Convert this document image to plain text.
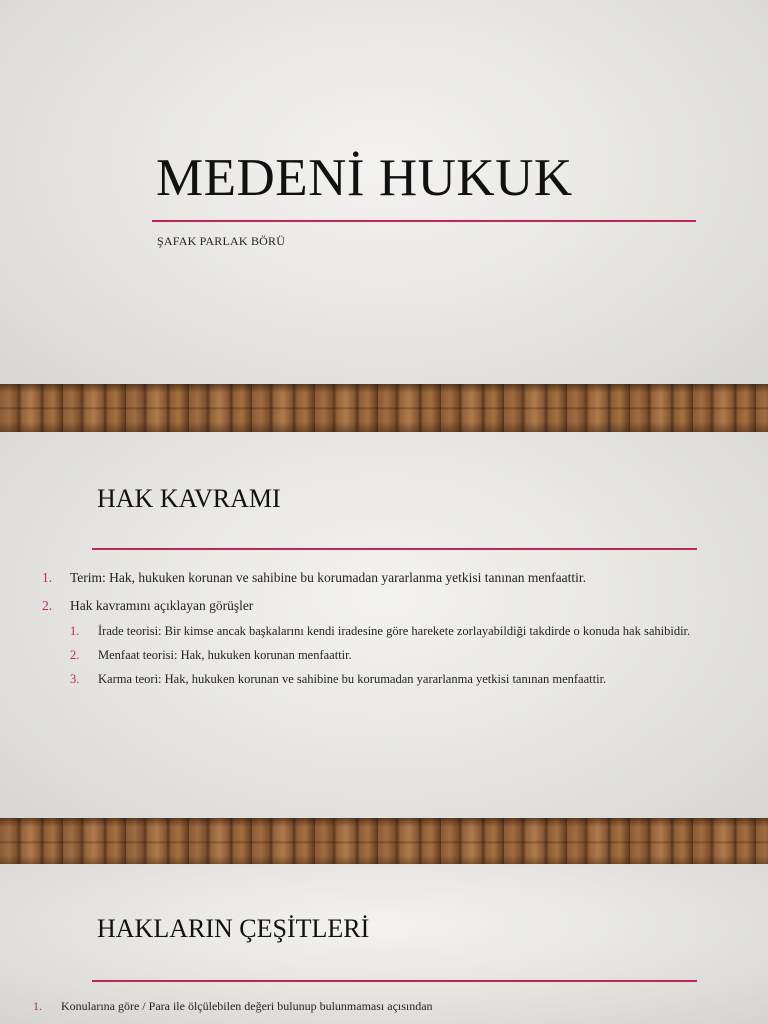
MEDENİ HUKUK
ŞAFAK PARLAK BÖRÜ
HAK KAVRAMI
1. Terim: Hak, hukuken korunan ve sahibine bu korumadan yararlanma yetkisi tanınan menfaattir.
2. Hak kavramını açıklayan görüşler
1. İrade teorisi: Bir kimse ancak başkalarını kendi iradesine göre harekete zorlayabildiği takdirde o konuda hak sahibidir.
2. Menfaat teorisi: Hak, hukuken korunan menfaattir.
3. Karma teori: Hak, hukuken korunan ve sahibine bu korumadan yararlanma yetkisi tanınan menfaattir.
HAKLARIN ÇEŞİTLERİ
1. Konularına göre / Para ile ölçülebilen değeri bulunup bulunmaması açısından
